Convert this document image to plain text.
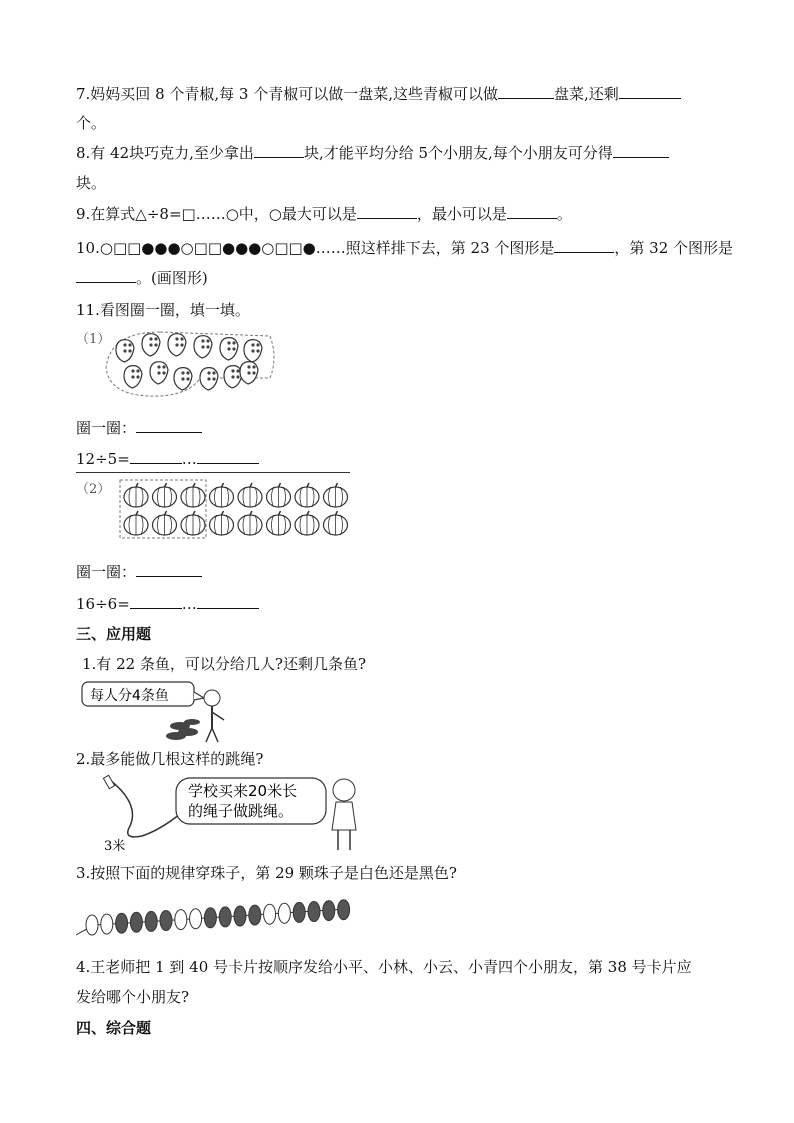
7.妈妈买回 8 个青椒,每 3 个青椒可以做一盘菜,这些青椒可以做	盘菜,还剩
个。
8.有 42块巧克力,至少拿出	块,才能平均分给 5个小朋友,每个小朋友可分得
块。
9.在算式△÷8=□……○中，○最大可以是	，最小可以是	。
10.○□□●●●○□□●●●○□□●……照这样排下去，第 23 个图形是	，第 32 个图形是
。(画图形)
11.看图圈一圈，填一填。
（1）
圈一圈：
12÷5=	…
（2）
圈一圈：
16÷6=	…
三、应用题
1.有 22 条鱼，可以分给几人?还剩几条鱼?
每人分4条鱼
2.最多能做几根这样的跳绳?
学校买来20米长
的绳子做跳绳。
3米
3.按照下面的规律穿珠子，第 29 颗珠子是白色还是黑色?
4.王老师把 1 到 40 号卡片按顺序发给小平、小林、小云、小青四个小朋友，第 38 号卡片应
发给哪个小朋友?
四、综合题
